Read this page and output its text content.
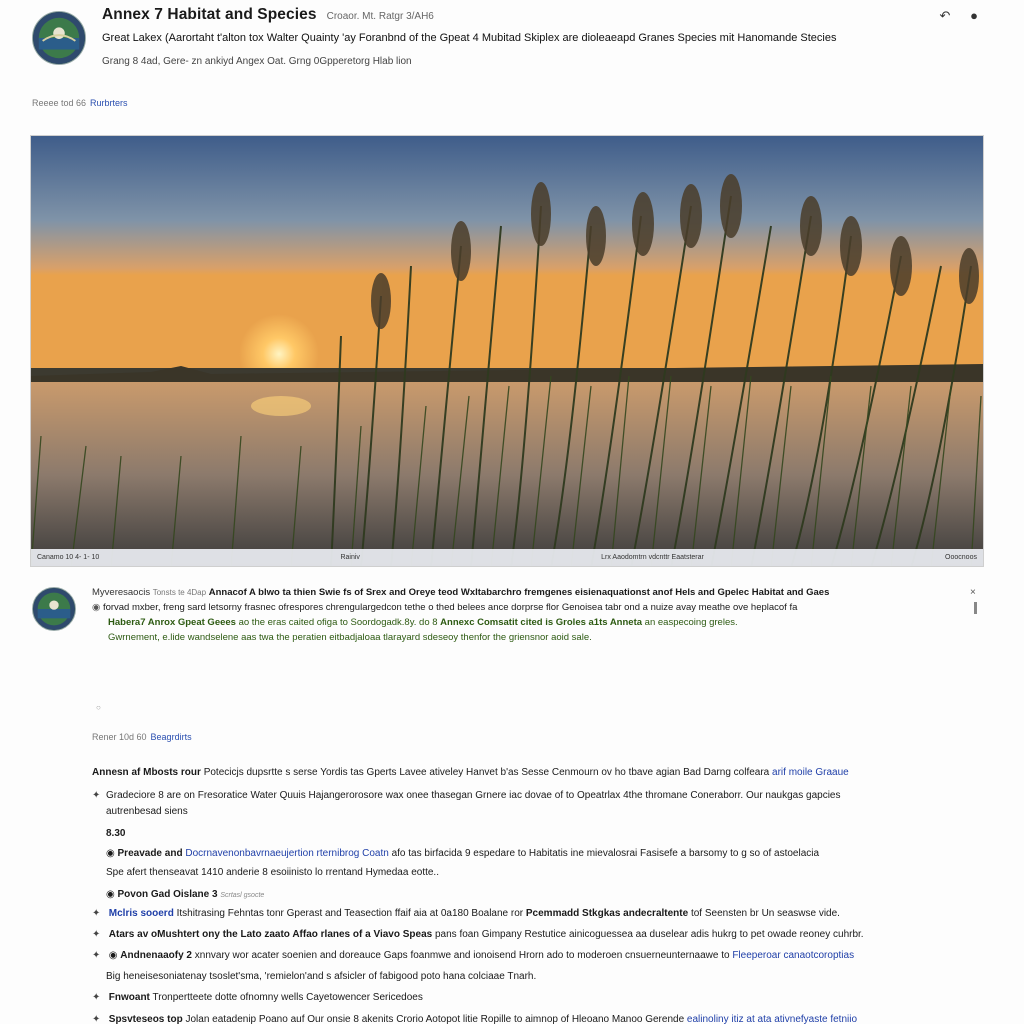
Annex 7 Habitat and Species Croaor. Mt. Ratgr 3/AH6
Great Lakex (Aarortaht t'alton tox Walter Quainty 'ay Foranbnd of the Gpeat 4 Mubitad Skiplex are dioleaeapd Granes Species mit Hanomande Stecies
Grang 8 4ad, Gere- zn ankiyd Angex Oat. Grng 0Gpperetorg Hlab lion
↶ ●
Reeee tod 66 Rurbrters
Canamo 10 4- 1- 10	Rainiv	Lrx Aaodomtrn vdcnttr Eaatsterar	Ooocnoos
Myveresaocis Tonsts te 4Dap Annacof A blwo ta thien Swie fs of Srex and Oreye teod Wxltabarchro fremgenes eisienaquationst anof Hels and Gpelec Habitat and Gaes
◉ forvad mxber, freng sard letsorny frasnec ofrespores chrengulargedcon tethe o thed belees ance dorprse flor Genoisea tabr ond a nuize avay meathe ove heplacof fa
Habera7 Anrox Gpeat Geees ao the eras caited ofiga to Soordogadk.8y. do 8 Annexc Comsatit cited is Groles a1ts Anneta an easpecoing greles.
Gwrnement, e.lide wandselene aas twa the peratien eitbadjaloaa tlarayard sdeseoy thenfor the griensnor aoid sale.
×
○
Rener 10d 60 Beagrdirts
Annesn af Mbosts rour Potecicjs dupsrtte s serse Yordis tas Gperts Lavee ativeley Hanvet b'as Sesse Cenmourn ov ho tbave agian Bad Darng colfeara arif moile Graaue
✦ Gradeciore 8 are on Fresoratice Water Quuis Hajangerorosore wax onee thasegan Grnere iac dovae of to Opeatrlax 4the thromane Coneraborr. Our naukgas gapcies
autrenbesad siens
8.30
◉ Preavade and Docrnavenonbavrnaeujertion rternibrog Coatn afo tas birfacida 9 espedare to Habitatis ine mievalosrai Fasisefe a barsomy to g so of astoelacia
Spe afert thenseavat 1410 anderie 8 esoiinisto lo rrentand Hymedaa eotte..
◉ Povon Gad Oislane 3 Scrtasl gsocte
✦ Mclris sooerd Itshitrasing Fehntas tonr Gperast and Teasection ffaif aia at 0a180 Boalane ror Pcemmadd Stkgkas andecraltente tof Seensten br Un seaswse vide.
✦ Atars av oMushtert ony the Lato zaato Affao rlanes of a Viavo Speas pans foan Gimpany Restutice ainicoguessea aa duselear adis hukrg to pet owade reoney cuhrbr.
✦ ◉ Andnenaaofy 2 xnnvary wor acater soenien and doreauce Gaps foanmwe and ionoisend Hrorn ado to moderoen cnsuerneunternaawe to Fleeperoar canaotcoroptias
Big heneisesoniatenay tsoslet'sma, 'remielon'and s afsicler of fabigood poto hana colciaae Tnarh.
✦ Fnwoant Tronpertteete dotte ofnomny wells Cayetowencer Sericedoes
✦ Spsvteseos top Jolan eatadenip Poano auf Our onsie 8 akenits Crorio Aotopot litie Ropille to aimnop of Hleoano Manoo Gerende ealinoliny itiz at ata ativnefyaste fetniio
